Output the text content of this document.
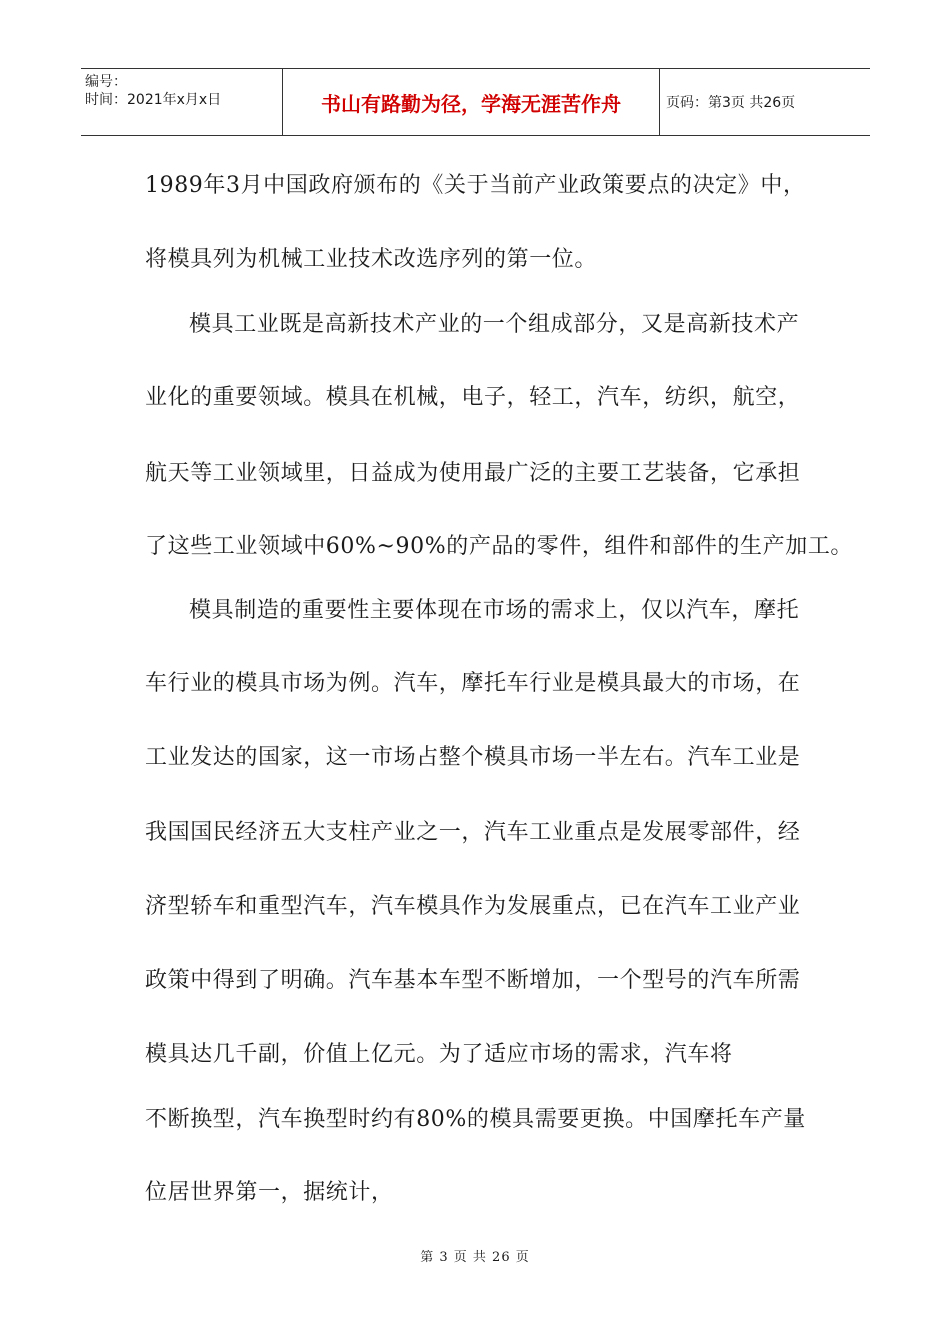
编号：
时间：2021年x月x日	书山有路勤为径，学海无涯苦作舟	页码：第3页 共26页
1989年3月中国政府颁布的《关于当前产业政策要点的决定》中，
将模具列为机械工业技术改选序列的第一位。
模具工业既是高新技术产业的一个组成部分，又是高新技术产
业化的重要领域。模具在机械，电子，轻工，汽车，纺织，航空，
航天等工业领域里，日益成为使用最广泛的主要工艺装备，它承担
了这些工业领域中60%~90%的产品的零件，组件和部件的生产加工。
模具制造的重要性主要体现在市场的需求上，仅以汽车，摩托
车行业的模具市场为例。汽车，摩托车行业是模具最大的市场，在
工业发达的国家，这一市场占整个模具市场一半左右。汽车工业是
我国国民经济五大支柱产业之一，汽车工业重点是发展零部件，经
济型轿车和重型汽车，汽车模具作为发展重点，已在汽车工业产业
政策中得到了明确。汽车基本车型不断增加，一个型号的汽车所需
模具达几千副，价值上亿元。为了适应市场的需求，汽车将
不断换型，汽车换型时约有80%的模具需要更换。中国摩托车产量
位居世界第一，据统计，
第 3 页 共 26 页
